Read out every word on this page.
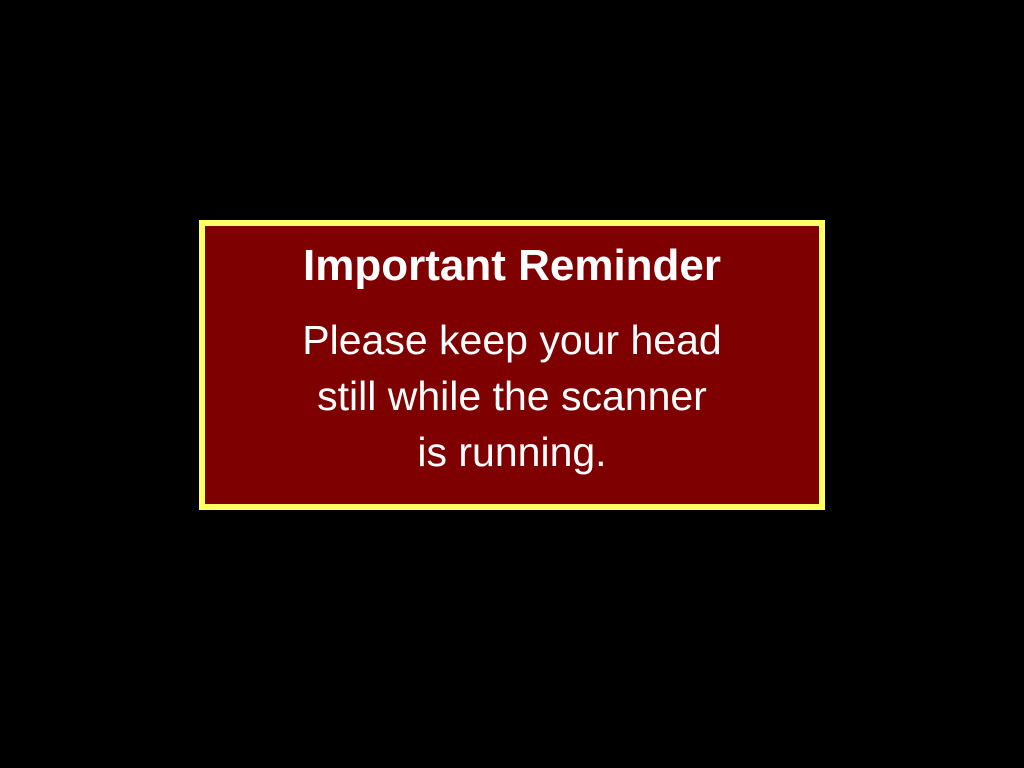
Important Reminder

Please keep your head
still while the scanner
is running.
